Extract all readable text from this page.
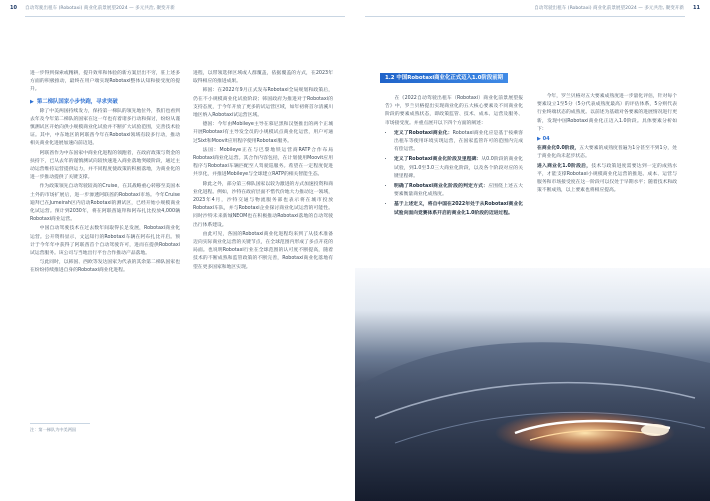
10 自动驾驶出租车 (Robotaxi) 商业化前景展望2024 — 多元共治, 聚变开新

进一步得到探索或精耕，提升效率和体验的新方案层出不穷，驻上述多方面的积极推动，最终在用户端实现Robotaxi整体认知和接受度的提升。

▶ 第二梯队国家小步快跑，寻求突破

除了中美两国持续发力，保持第一梯队的领先地位外，我们也看到去年及今年第二梯队的国家在这一年也有着诸多行动和探讨，纷纷从谨慎测试区开始向供小规模商业化试验并不断扩大试验范围，完善技术验证。其中，中东地区的阿联酋今年在Robotaxi领域有较多行动，推动相关商业化进展加速向前迈进。

阿联酋作为中东国家中商业化进程的领跑者，在政府政策与资金的扶持下，已从去年的谨慎测试向较快速进入商业落地突破阶段，通过主动运营维持运营提供运力，并不同程度使政策的积极落地，为商业化的进一步推动提供了关键支撑。

作为政策领先自动驾驶较高的Cruise，在其战略重心转移至美国本土外的市场扩展后，进一步渗透阿联酋的Robotaxi市场。今年Cruise迪拜已在Jumeirah区内启动Robotaxi的测试区，已经开始小规模商业化试运营。预计到2030年，将在阿联酋迪拜和阿布扎比投放4,000辆Robotaxi商业运营。

中国自动驾驶技术在过去数年间取得长足发展，Robotaxi商业化运营。公开资料显示，文远知行的Robotaxi车辆在阿布扎比开启。预计于今年年中获得了阿联酋首个自动驾驶许可，进而在提供Robotaxi试运营服务。该公司与当地出行平台合作推动产品落地。

与此同时，以韩国、西欧等发达国家为代表的其余第二梯队国家也在纷纷持续推进自身的Robotaxi商业化进程。

进程，以带领选择区域或人群覆盖，依据覆盖的方式，在2023年取得相应的推进成果。

韩国：在2022年9月正式发布Robotaxi全局规划和政策后，仍在不小规模商业化试验阶段；韩国政府为推进对于Robotaxi的支持态度，于今年开放了更多的试运营区域，如年初将首尔清溪川地区纳入Robotaxi试运营区域。

德国：今年由Mobileye主导在慕尼黑和汉堡推出的两个正城开展Robotaxi有主导发全员的小规模试点商业化运营，用户可通过Sixt和Moovit应用程序使用Robotaxi服务。

法国：Mobileye正在与巴黎地铁运营商RATP合作布局Robotaxi商业化运营。其合作内容包括，在计划使用Moovit应用程序与Robotaxi车辆匹配至人驾驶巡服务。希望在一定程度促进共享化，并推进Mobileye与全球建立RATP的相关智能生态。

除此之外，部分第三梯队国家以较为激进的方式加速投资和商业化进程。例如，沙特在政府层面不惜代价地大力推动这一领域，2023年4月，沙特交通与物流服务部也表示将在城市投放Robotaxi车队，并与Robotaxi企业探讨商业化试运营的可能性。同时沙特未来新城NEOM也在积极推动Robotaxi落地的自动驾驶出行体系建设。

由此可见，各国的Robotaxi商业化进程均来到了从技术准备迈向实际商业化运营的关键节点，在全球范围内形成了多点开花的局面。也说明Robotaxi行业在全球范围的认可度不断提高，随着技术的不断成熟和监管政策的不断完善，Robotaxi商业化落地有望在更多国家和地区实现。

注：第一梯队为中美两国
自动驾驶出租车 (Robotaxi) 商业化前景展望2024 — 多元共治, 聚变开新 11
1.2 中国Robotaxi商业化正式迈入1.0阶段前期

在《2022自动驾驶出租车（Robotaxi）商业化前景展望报告》中，罗兰贝格提出实现商业化的五大核心要素及不同商业化阶段的要素成熟状态，即政策监管、技术、成本、运营及服务、市场接受度。并重点展开以下四个方面的阐述：

• 定义了Robotaxi商业化：Robotaxi商业化应是基于按乘客出租车等使用环境实现运营，在国家监管许可的范围内完成有偿运营。
• 定义了Robotaxi商业化阶段及里程碑：从0.0阶段的商业化试验，到1.0至3.0三大商业化阶段，以及各个阶段对应的关键里程碑。
• 明确了Robotaxi商业化阶段的判定方式：应围绕上述五大要素衡量商业化成熟度。
• 基于上述定义，将自中国在2022年处于从Robotaxi商业化试验向面向竞赛体系开启的商业化1.0阶段的迈进过程。

今年，罗兰贝格对五大要素成熟度进一步量化评估，针对每个要素设立1至5分（5分代表成熟度最高）的评估体系，5分则代表行业终端状态的成熟度。以前述为基础对各要素的进展情况进行更新，发现中国Robotaxi商业化正迈入1.0阶段。具体要素分析如下：

▶ 04

在商业化0.0阶段，五大要素的成熟度普遍为1分甚至不到1分，处于商业化尚未起步状态。

进入商业化1.0阶段后，技术与政策进度需要达到一定的成熟水平，才能支撑Robotaxi小规模商业化运营的推进。成本、运营与服务和市场接受度在这一阶段可以仅处于早期水平；随着技术和政策不断成熟，以上要素也将相应提高。
